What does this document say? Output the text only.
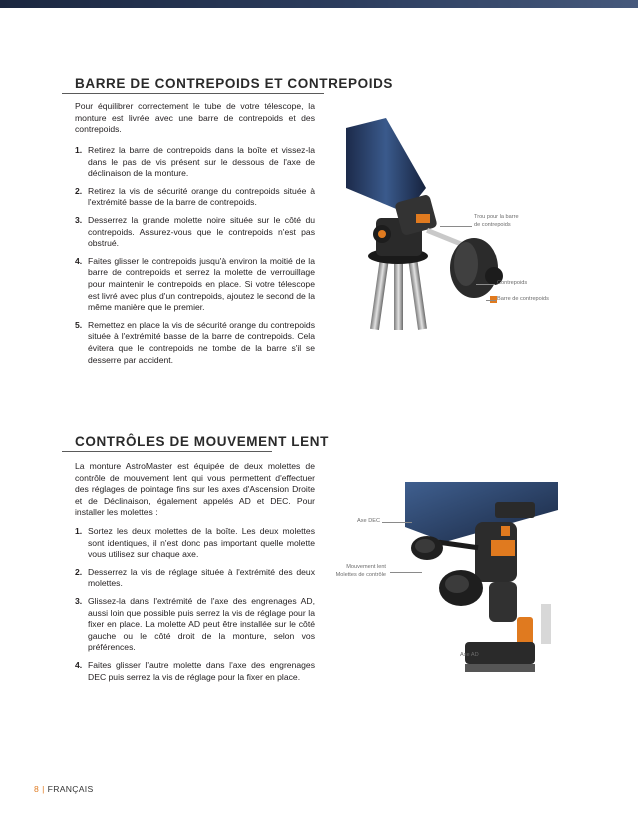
BARRE DE CONTREPOIDS ET CONTREPOIDS

Pour équilibrer correctement le tube de votre télescope, la monture est livrée avec une barre de contrepoids et des contrepoids.

1. Retirez la barre de contrepoids dans la boîte et vissez-la dans le pas de vis présent sur le dessous de l'axe de déclinaison de la monture.
2. Retirez la vis de sécurité orange du contrepoids située à l'extrémité basse de la barre de contrepoids.
3. Desserrez la grande molette noire située sur le côté du contrepoids. Assurez-vous que le contrepoids n'est pas obstrué.
4. Faites glisser le contrepoids jusqu'à environ la moitié de la barre de contrepoids et serrez la molette de verrouillage pour maintenir le contrepoids en place. Si votre télescope est livré avec plus d'un contrepoids, ajoutez le second de la même manière que le premier.
5. Remettez en place la vis de sécurité orange du contrepoids située à l'extrémité basse de la barre de contrepoids. Cela évitera que le contrepoids ne tombe de la barre s'il se desserre par accident.
Trou pour la barre
de contrepoids
Contrepoids
Barre de contrepoids
CONTRÔLES DE MOUVEMENT LENT

La monture AstroMaster est équipée de deux molettes de contrôle de mouvement lent qui vous permettent d'effectuer des réglages de pointage fins sur les axes d'Ascension Droite et de Déclinaison, également appelés AD et DEC. Pour installer les molettes :

1. Sortez les deux molettes de la boîte. Les deux molettes sont identiques, il n'est donc pas important quelle molette vous utilisez sur chaque axe.
2. Desserrez la vis de réglage située à l'extrémité des deux molettes.
3. Glissez-la dans l'extrémité de l'axe des engrenages AD, aussi loin que possible puis serrez la vis de réglage pour la fixer en place. La molette AD peut être installée sur le côté gauche ou le côté droit de la monture, selon vos préférences.
4. Faites glisser l'autre molette dans l'axe des engrenages DEC puis serrez la vis de réglage pour la fixer en place.
Axe DEC
Mouvement lent
Molettes de contrôle
Axe AD
8 | FRANÇAIS
